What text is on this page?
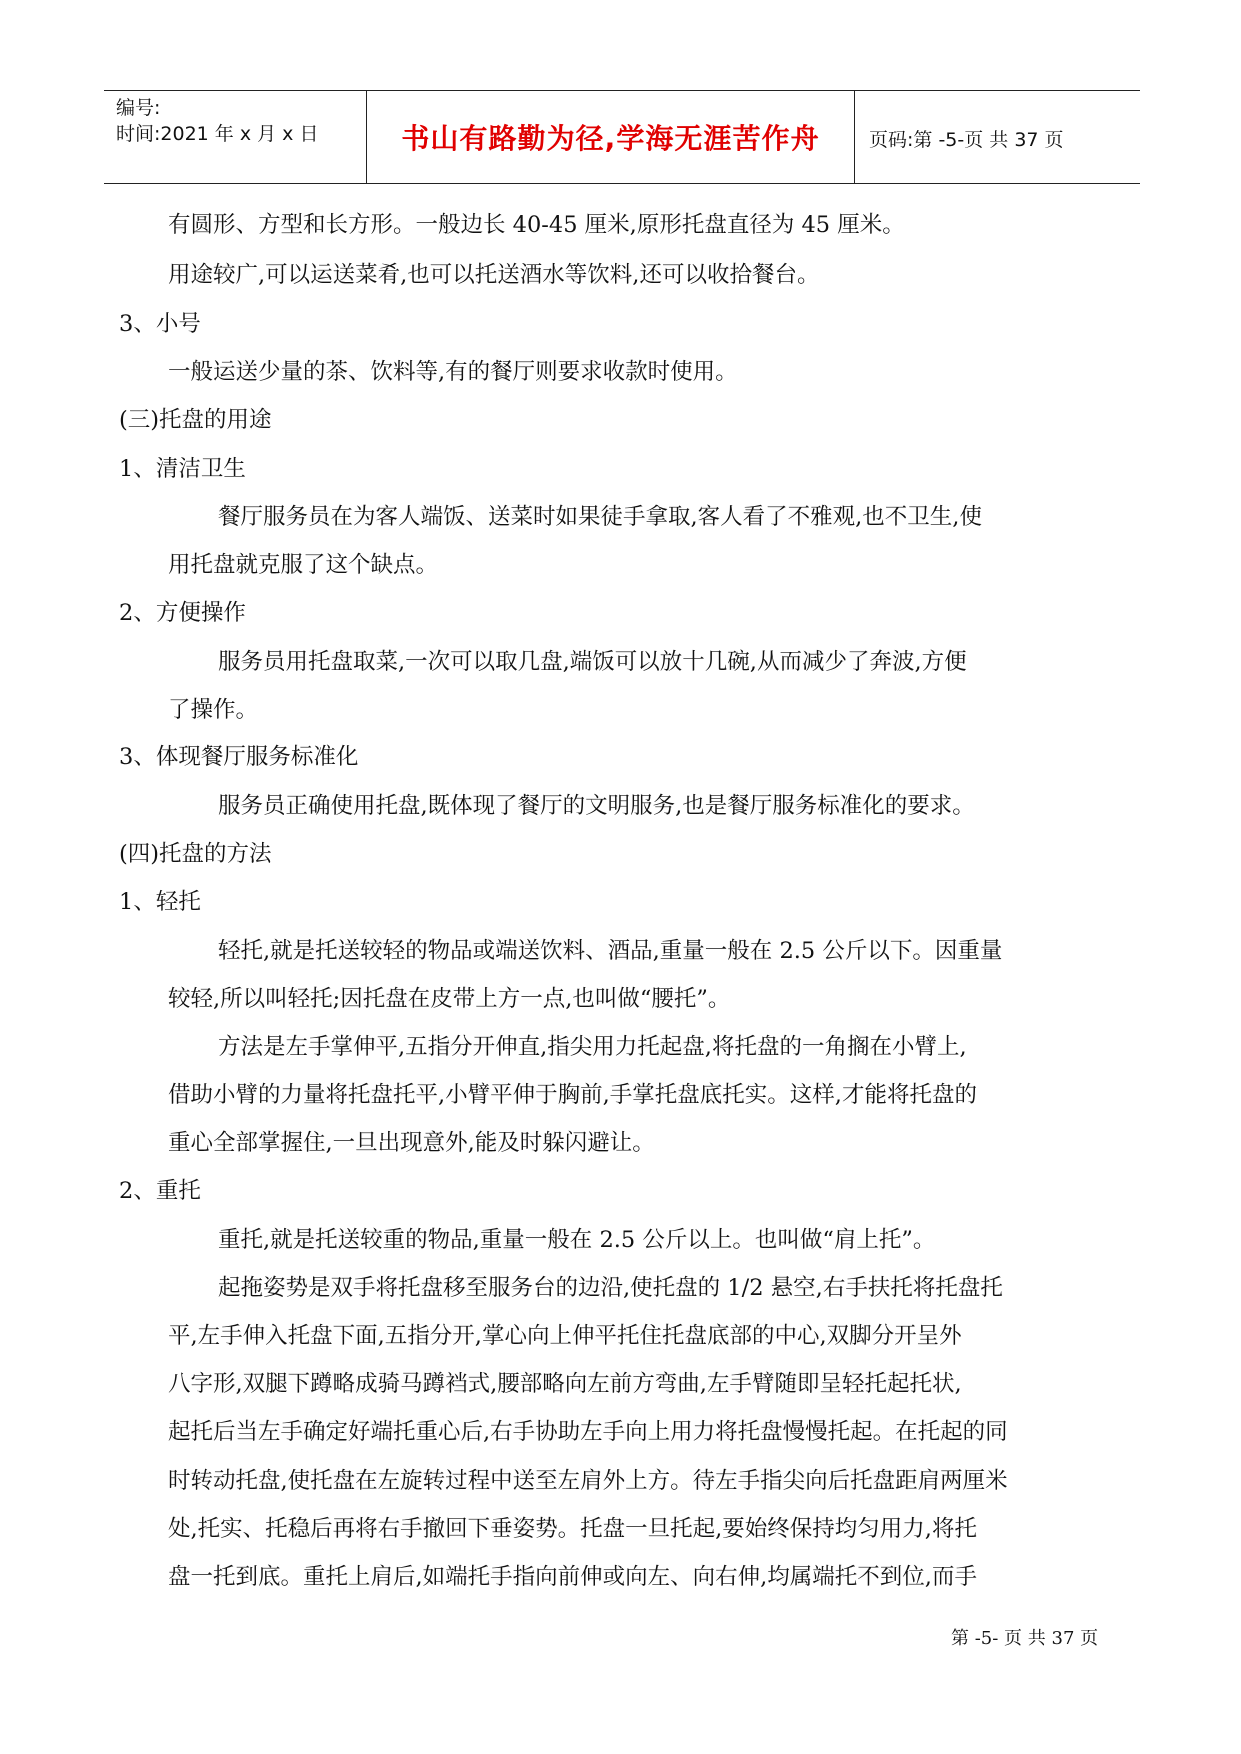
编号:
时间:2021 年 x 月 x 日	书山有路勤为径,学海无涯苦作舟	页码:第 -5-页 共 37 页
有圆形、方型和长方形。一般边长 40-45 厘米,原形托盘直径为 45 厘米。
用途较广,可以运送菜肴,也可以托送酒水等饮料,还可以收拾餐台。
3、小号
一般运送少量的茶、饮料等,有的餐厅则要求收款时使用。
(三)托盘的用途
1、清洁卫生
餐厅服务员在为客人端饭、送菜时如果徒手拿取,客人看了不雅观,也不卫生,使
用托盘就克服了这个缺点。
2、方便操作
服务员用托盘取菜,一次可以取几盘,端饭可以放十几碗,从而减少了奔波,方便
了操作。
3、体现餐厅服务标准化
服务员正确使用托盘,既体现了餐厅的文明服务,也是餐厅服务标准化的要求。
(四)托盘的方法
1、轻托
轻托,就是托送较轻的物品或端送饮料、酒品,重量一般在 2.5 公斤以下。因重量
较轻,所以叫轻托;因托盘在皮带上方一点,也叫做“腰托”。
方法是左手掌伸平,五指分开伸直,指尖用力托起盘,将托盘的一角搁在小臂上,
借助小臂的力量将托盘托平,小臂平伸于胸前,手掌托盘底托实。这样,才能将托盘的
重心全部掌握住,一旦出现意外,能及时躲闪避让。
2、重托
重托,就是托送较重的物品,重量一般在 2.5 公斤以上。也叫做“肩上托”。
起拖姿势是双手将托盘移至服务台的边沿,使托盘的 1/2 悬空,右手扶托将托盘托
平,左手伸入托盘下面,五指分开,掌心向上伸平托住托盘底部的中心,双脚分开呈外
八字形,双腿下蹲略成骑马蹲裆式,腰部略向左前方弯曲,左手臂随即呈轻托起托状,
起托后当左手确定好端托重心后,右手协助左手向上用力将托盘慢慢托起。在托起的同
时转动托盘,使托盘在左旋转过程中送至左肩外上方。待左手指尖向后托盘距肩两厘米
处,托实、托稳后再将右手撤回下垂姿势。托盘一旦托起,要始终保持均匀用力,将托
盘一托到底。重托上肩后,如端托手指向前伸或向左、向右伸,均属端托不到位,而手
第 -5- 页 共 37 页
